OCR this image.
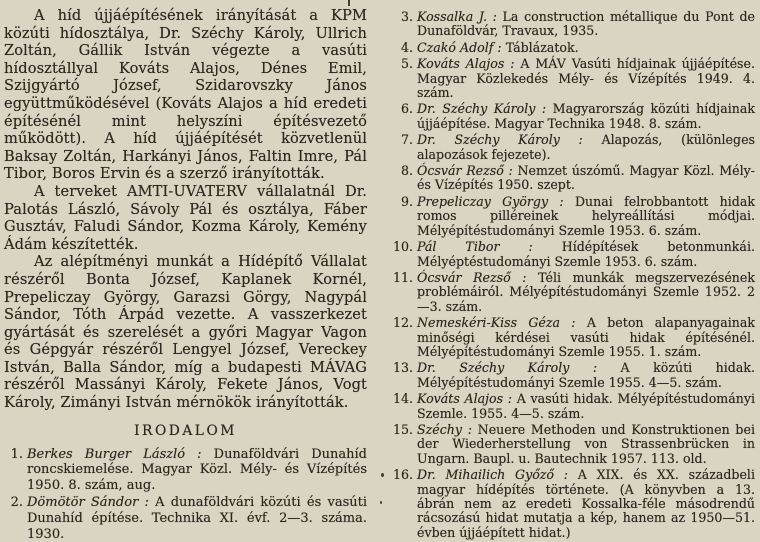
A híd újjáépítésének irányítását a KPM közúti hídosztálya, Dr. Széchy Károly, Ullrich Zoltán, Gállik István végezte a vasúti hídosztállyal Kováts Alajos, Dénes Emil, Szijgyártó József, Szidarovszky János együttműködésével (Kováts Alajos a híd eredeti építésénél mint helyszíni építésvezető működött). A híd újjáépítését közvetlenül Baksay Zoltán, Harkányi János, Faltin Imre, Pál Tibor, Boros Ervin és a szerző irányították.

A terveket AMTI-UVATERV vállalatnál Dr. Palotás László, Sávoly Pál és osztálya, Fáber Gusztáv, Faludi Sándor, Kozma Károly, Kemény Ádám készítették.

Az alépítményi munkát a Hídépítő Vállalat részéről Bonta József, Kaplanek Kornél, Prepeliczay György, Garazsi Görgy, Nagypál Sándor, Tóth Árpád vezette. A vasszerkezet gyártását és szerelését a győri Magyar Vagon és Gépgyár részéről Lengyel József, Vereckey István, Balla Sándor, míg a budapesti MÁVAG részéről Massányi Károly, Fekete János, Vogt Károly, Zimányi István mérnökök irányították.

IRODALOM
1. Berkes Burger László : Dunaföldvári Dunahíd roncskiemelése. Magyar Közl. Mély- és Vízépítés 1950. 8. szám, aug.
2. Dömötör Sándor : A dunaföldvári közúti és vasúti Dunahíd építése. Technika XI. évf. 2—3. száma. 1930.
3. Kossalka J. : La construction métallique du Pont de Dunaföldvár, Travaux, 1935.
4. Czakó Adolf : Táblázatok.
5. Kováts Alajos : A MÁV Vasúti hídjainak újjáépítése. Magyar Közlekedés Mély- és Vízépítés 1949. 4. szám.
6. Dr. Széchy Károly : Magyarország közúti hídjainak újjáépítése. Magyar Technika 1948. 8. szám.
7. Dr. Széchy Károly : Alapozás, (különleges alapozások fejezete).
8. Ócsvár Rezső : Nemzet úszómű. Magyar Közl. Mély- és Vízépítés 1950. szept.
9. Prepeliczay György : Dunai felrobbantott hidak romos pilléreinek helyreállítási módjai. Mélyépítéstudományi Szemle 1953. 6. szám.
10. Pál Tibor : Hídépítések betonmunkái. Mélyéptéstudományi Szemle 1953. 6. szám.
11. Ócsvár Rezső : Téli munkák megszervezésének problémáiról. Mélyépítéstudományi Szemle 1952. 2—3. szám.
12. Nemeskéri-Kiss Géza : A beton alapanyagainak minőségi kérdései vasúti hidak építésénél. Mélyépítéstudományi Szemle 1955. 1. szám.
13. Dr. Széchy Károly : A közúti hidak. Mélyépítéstudományi Szemle 1955. 4—5. szám.
14. Kováts Alajos : A vasúti hidak. Mélyépítéstudományi Szemle. 1955. 4—5. szám.
15. Széchy : Neuere Methoden und Konstruktionen bei der Wiederherstellung von Strassenbrücken in Ungarn. Baupl. u. Bautechnik 1957. 113. old.
16. Dr. Mihailich Győző : A XIX. és XX. századbeli magyar hídépítés története. (A könyvben a 13. ábrán nem az eredeti Kossalka-féle másodrendű rácsozású hidat mutatja a kép, hanem az 1950—51. évben újjáépített hidat.)
